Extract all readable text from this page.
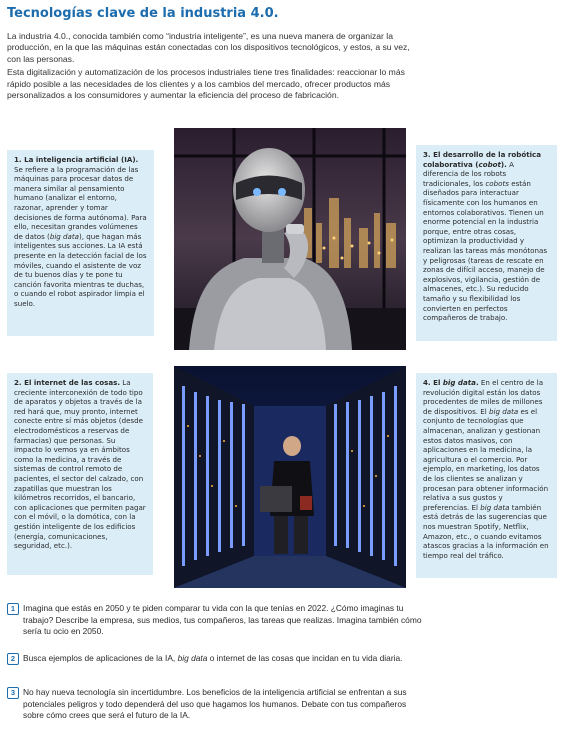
Tecnologías clave de la industria 4.0.

La industria 4.0., conocida también como “industria inteligente”, es una nueva manera de organizar la producción, en la que las máquinas están conectadas con los dispositivos tecnológicos, y estos, a su vez, con las personas.

Esta digitalización y automatización de los procesos industriales tiene tres finalidades: reaccionar lo más rápido posible a las necesidades de los clientes y a los cambios del mercado, ofrecer productos más personalizados a los consumidores y aumentar la eficiencia del proceso de fabricación.

1. La inteligencia artificial (IA). Se refiere a la programación de las máquinas para procesar datos de manera similar al pensamiento humano (analizar el entorno, razonar, aprender y tomar decisiones de forma autónoma). Para ello, necesitan grandes volúmenes de datos (big data), que hagan más inteligentes sus acciones. La IA está presente en la detección facial de los móviles, cuando el asistente de voz de tu buenos días y te pone tu canción favorita mientras te duchas, o cuando el robot aspirador limpia el suelo.
3. El desarrollo de la robótica colaborativa (cobot). A diferencia de los robots tradicionales, los cobots están diseñados para interactuar físicamente con los humanos en entornos colaborativos. Tienen un enorme potencial en la industria porque, entre otras cosas, optimizan la productividad y realizan las tareas más monótonas y peligrosas (tareas de rescate en zonas de difícil acceso, manejo de explosivos, vigilancia, gestión de almacenes, etc.). Su reducido tamaño y su flexibilidad los convierten en perfectos compañeros de trabajo.
2. El internet de las cosas. La creciente interconexión de todo tipo de aparatos y objetos a través de la red hará que, muy pronto, internet conecte entre sí más objetos (desde electrodomésticos a reservas de farmacias) que personas. Su impacto lo vemos ya en ámbitos como la medicina, a través de sistemas de control remoto de pacientes, el sector del calzado, con zapatillas que muestran los kilómetros recorridos, el bancario, con aplicaciones que permiten pagar con el móvil, o la domótica, con la gestión inteligente de los edificios (energía, comunicaciones, seguridad, etc.).
4. El big data. En el centro de la revolución digital están los datos procedentes de miles de millones de dispositivos. El big data es el conjunto de tecnologías que almacenan, analizan y gestionan estos datos masivos, con aplicaciones en la medicina, la agricultura o el comercio. Por ejemplo, en marketing, los datos de los clientes se analizan y procesan para obtener información relativa a sus gustos y preferencias. El big data también está detrás de las sugerencias que nos muestran Spotify, Netflix, Amazon, etc., o cuando evitamos atascos gracias a la información en tiempo real del tráfico.
1 Imagina que estás en 2050 y te piden comparar tu vida con la que tenías en 2022. ¿Cómo imaginas tu trabajo? Describe la empresa, sus medios, tus compañeros, las tareas que realizas. Imagina también cómo sería tu ocio en 2050.
2 Busca ejemplos de aplicaciones de la IA, big data o internet de las cosas que incidan en tu vida diaria.
3 No hay nueva tecnología sin incertidumbre. Los beneficios de la inteligencia artificial se enfrentan a sus potenciales peligros y todo dependerá del uso que hagamos los humanos. Debate con tus compañeros sobre cómo crees que será el futuro de la IA.
